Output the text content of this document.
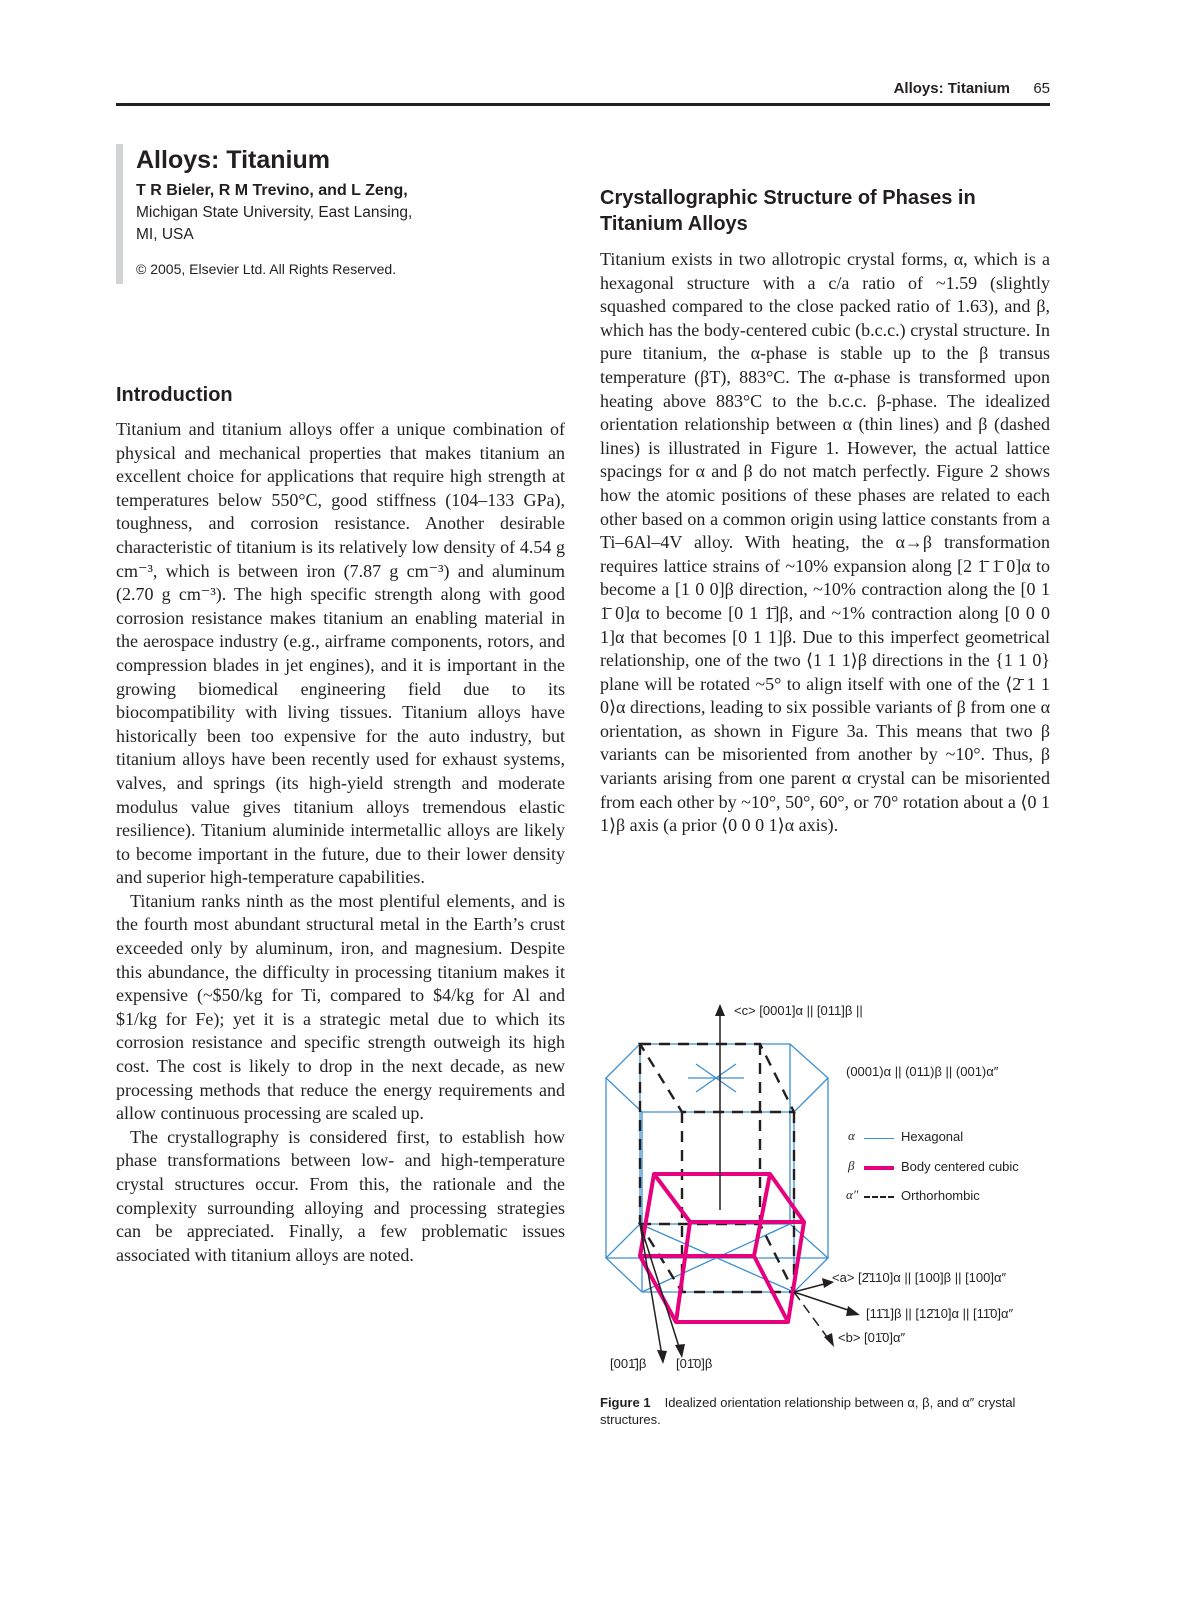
Alloys: Titanium 65
Alloys: Titanium
T R Bieler, R M Trevino, and L Zeng,
Michigan State University, East Lansing,
MI, USA
© 2005, Elsevier Ltd. All Rights Reserved.
Introduction

Titanium and titanium alloys offer a unique combination of physical and mechanical properties that makes titanium an excellent choice for applications that require high strength at temperatures below 550°C, good stiffness (104–133 GPa), toughness, and corrosion resistance. Another desirable characteristic of titanium is its relatively low density of 4.54 g cm⁻³, which is between iron (7.87 g cm⁻³) and aluminum (2.70 g cm⁻³). The high specific strength along with good corrosion resistance makes titanium an enabling material in the aerospace industry (e.g., airframe components, rotors, and compression blades in jet engines), and it is important in the growing biomedical engineering field due to its biocompatibility with living tissues. Titanium alloys have historically been too expensive for the auto industry, but titanium alloys have been recently used for exhaust systems, valves, and springs (its high-yield strength and moderate modulus value gives titanium alloys tremendous elastic resilience). Titanium aluminide intermetallic alloys are likely to become important in the future, due to their lower density and superior high-temperature capabilities.

Titanium ranks ninth as the most plentiful elements, and is the fourth most abundant structural metal in the Earth’s crust exceeded only by aluminum, iron, and magnesium. Despite this abundance, the difficulty in processing titanium makes it expensive (~$50/kg for Ti, compared to $4/kg for Al and $1/kg for Fe); yet it is a strategic metal due to which its corrosion resistance and specific strength outweigh its high cost. The cost is likely to drop in the next decade, as new processing methods that reduce the energy requirements and allow continuous processing are scaled up.

The crystallography is considered first, to establish how phase transformations between low- and high-temperature crystal structures occur. From this, the rationale and the complexity surrounding alloying and processing strategies can be appreciated. Finally, a few problematic issues associated with titanium alloys are noted.

Crystallographic Structure of Phases in Titanium Alloys

Titanium exists in two allotropic crystal forms, α, which is a hexagonal structure with a c/a ratio of ~1.59 (slightly squashed compared to the close packed ratio of 1.63), and β, which has the body-centered cubic (b.c.c.) crystal structure. In pure titanium, the α-phase is stable up to the β transus temperature (βT), 883°C. The α-phase is transformed upon heating above 883°C to the b.c.c. β-phase. The idealized orientation relationship between α (thin lines) and β (dashed lines) is illustrated in Figure 1. However, the actual lattice spacings for α and β do not match perfectly. Figure 2 shows how the atomic positions of these phases are related to each other based on a common origin using lattice constants from a Ti–6Al–4V alloy. With heating, the α→β transformation requires lattice strains of ~10% expansion along [2 1̄ 1̄ 0]α to become a [1 0 0]β direction, ~10% contraction along the [0 1 1̄ 0]α to become [0 1 1̄]β, and ~1% contraction along [0 0 0 1]α that becomes [0 1 1]β. Due to this imperfect geometrical relationship, one of the two ⟨1 1 1⟩β directions in the {1 1 0} plane will be rotated ~5° to align itself with one of the ⟨2̄ 1 1 0⟩α directions, leading to six possible variants of β from one α orientation, as shown in Figure 3a. This means that two β variants can be misoriented from another by ~10°. Thus, β variants arising from one parent α crystal can be misoriented from each other by ~10°, 50°, 60°, or 70° rotation about a ⟨0 1 1⟩β axis (a prior ⟨0 0 0 1⟩α axis).

<c> [0001]α || [011]β ||
(0001)α || (011)β || (001)α″
α	Hexagonal
β	Body centered cubic
α″	Orthorhombic
<a> [2̄110]α || [100]β || [100]α″
[11̄1]β || [12̄10]α || [11̄0]α″
<b> [01̄0]α″
[001̄]β [01̄0]β
Figure 1 Idealized orientation relationship between α, β, and α″ crystal structures.
